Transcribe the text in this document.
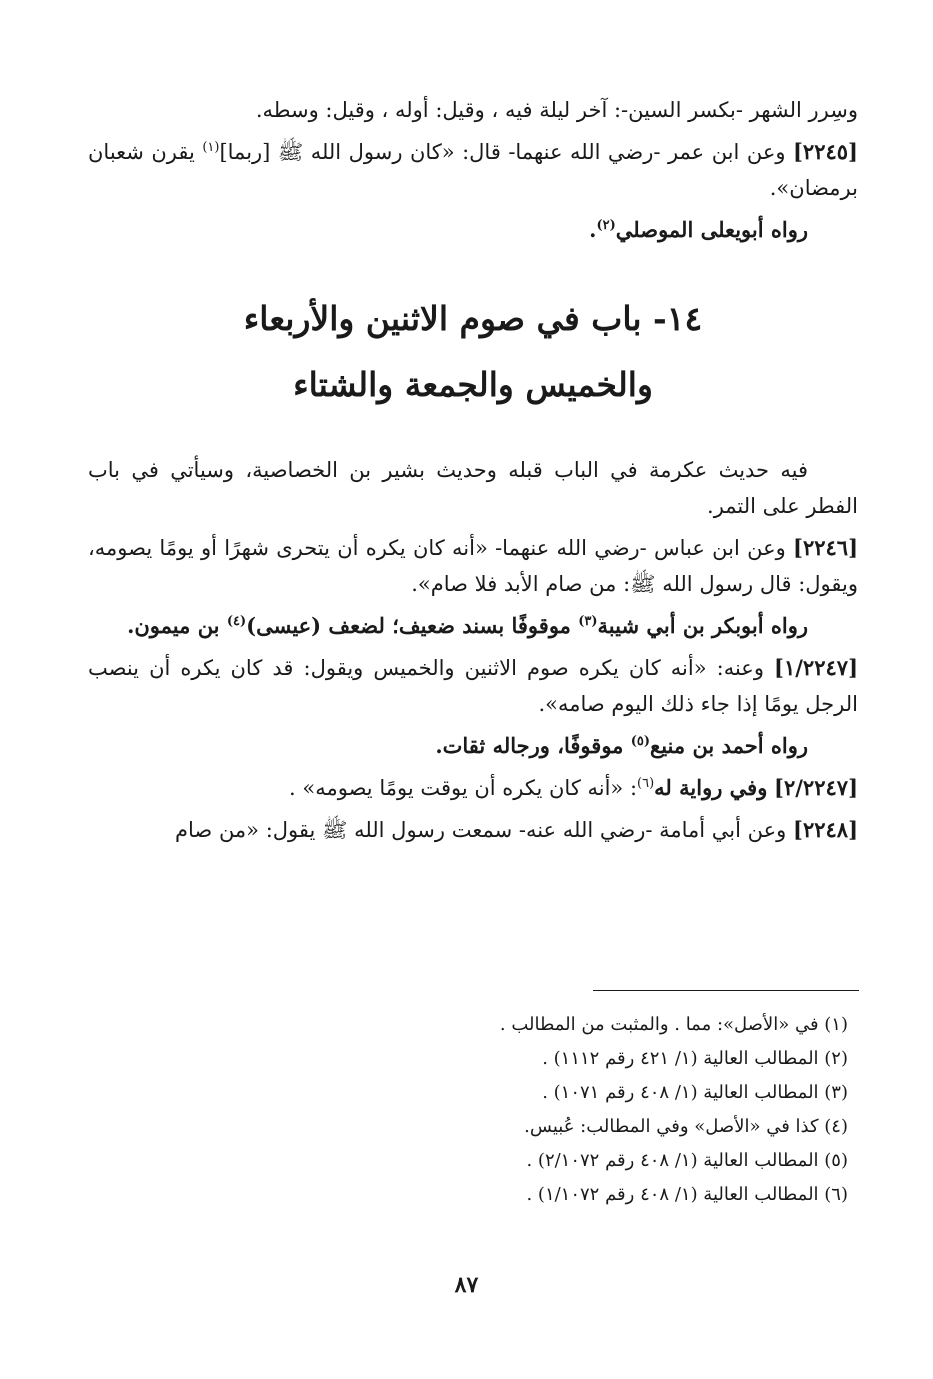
وسِرر الشهر -بكسر السين-: آخر ليلة فيه ، وقيل: أوله ، وقيل: وسطه.

[٢٢٤٥] وعن ابن عمر -رضي الله عنهما- قال: «كان رسول الله ﷺ [ربما]$^{(١)}$ يقرن شعبان برمضان».

رواه أبويعلى الموصلي$^{(٢)}$.

١٤- باب في صوم الاثنين والأربعاء
والخميس والجمعة والشتاء

فيه حديث عكرمة في الباب قبله وحديث بشير بن الخصاصية، وسيأتي في باب الفطر على التمر.

[٢٢٤٦] وعن ابن عباس -رضي الله عنهما- «أنه كان يكره أن يتحرى شهرًا أو يومًا يصومه، ويقول: قال رسول الله ﷺ: من صام الأبد فلا صام».

رواه أبوبكر بن أبي شيبة$^{(٣)}$ موقوفًا بسند ضعيف؛ لضعف (عيسى)$^{(٤)}$ بن ميمون.

[١/٢٢٤٧] وعنه: «أنه كان يكره صوم الاثنين والخميس ويقول: قد كان يكره أن ينصب الرجل يومًا إذا جاء ذلك اليوم صامه».

رواه أحمد بن منيع$^{(٥)}$ موقوفًا، ورجاله ثقات.

[٢/٢٢٤٧] وفي رواية له$^{(٦)}$: «أنه كان يكره أن يوقت يومًا يصومه» .

[٢٢٤٨] وعن أبي أمامة -رضي الله عنه- سمعت رسول الله ﷺ يقول: «من صام

(١) في «الأصل»: مما . والمثبت من المطالب .
(٢) المطالب العالية (١/ ٤٢١ رقم ١١١٢) .
(٣) المطالب العالية (١/ ٤٠٨ رقم ١٠٧١) .
(٤) كذا في «الأصل» وفي المطالب: عُبيس.
(٥) المطالب العالية (١/ ٤٠٨ رقم ٢/١٠٧٢) .
(٦) المطالب العالية (١/ ٤٠٨ رقم ١/١٠٧٢) .
٨٧
